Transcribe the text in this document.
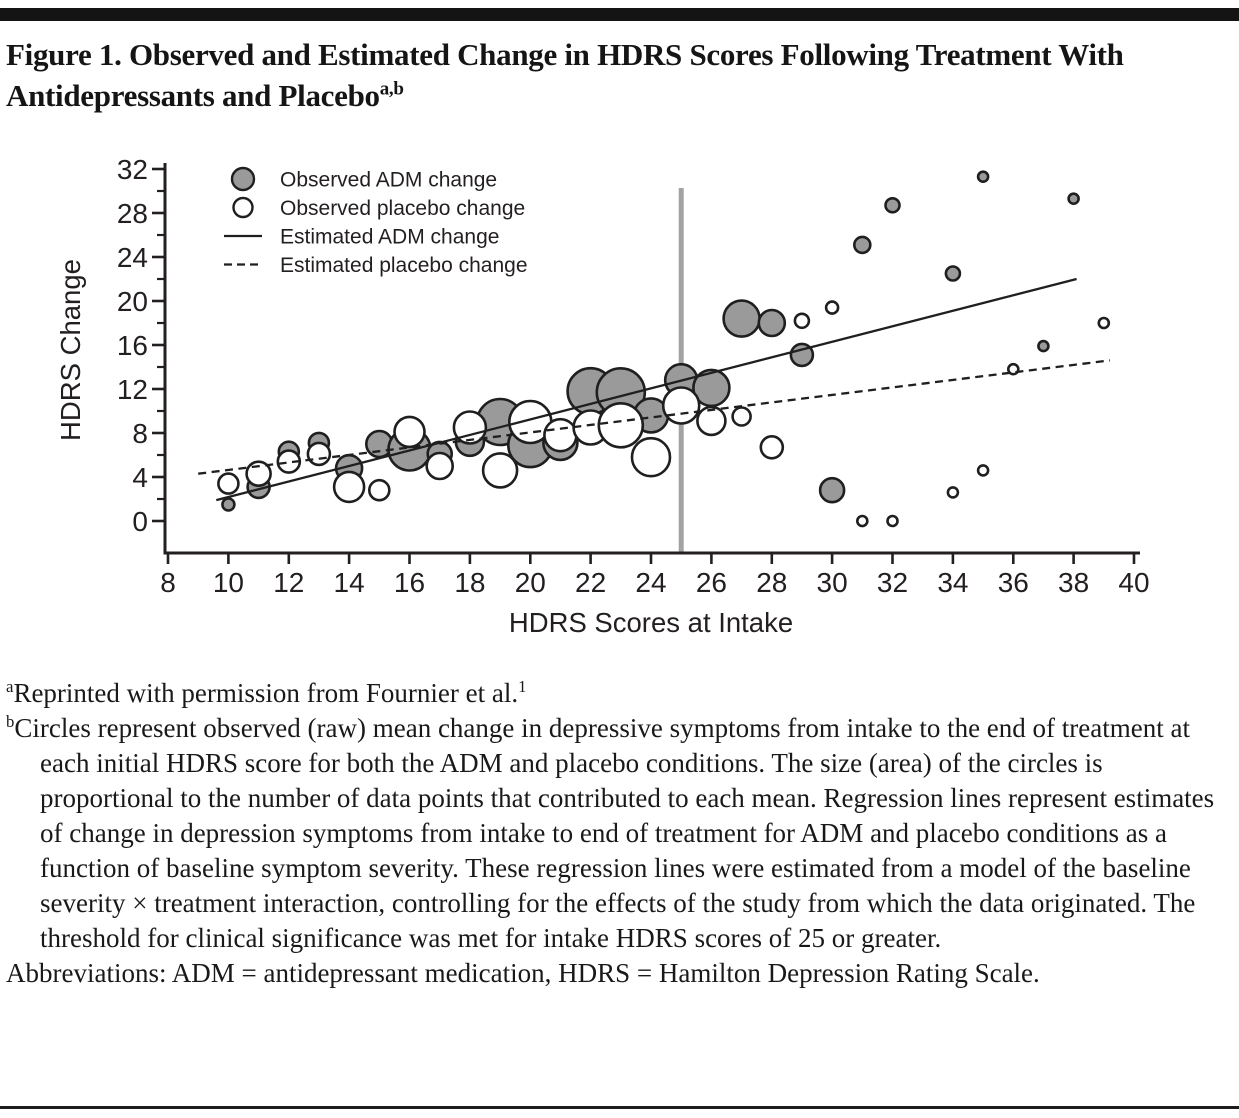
Figure 1. Observed and Estimated Change in HDRS Scores Following Treatment With Antidepressants and Placebo$^{a,b}$
8 10 12 14 16 18 20 22 24 26 28 30 32 34 36 38 40
0
4
8
12
16
20
24
28
32
HDRS Scores at Intake
HDRS Change
Observed ADM change
Observed placebo change
Estimated ADM change
Estimated placebo change

$^a$Reprinted with permission from Fournier et al.$^1$

$^b$Circles represent observed (raw) mean change in depressive symptoms from intake to the end of treatment at each initial HDRS score for both the ADM and placebo conditions. The size (area) of the circles is proportional to the number of data points that contributed to each mean. Regression lines represent estimates of change in depression symptoms from intake to end of treatment for ADM and placebo conditions as a function of baseline symptom severity. These regression lines were estimated from a model of the baseline severity × treatment interaction, controlling for the effects of the study from which the data originated. The threshold for clinical significance was met for intake HDRS scores of 25 or greater.

Abbreviations: ADM = antidepressant medication, HDRS = Hamilton Depression Rating Scale.
